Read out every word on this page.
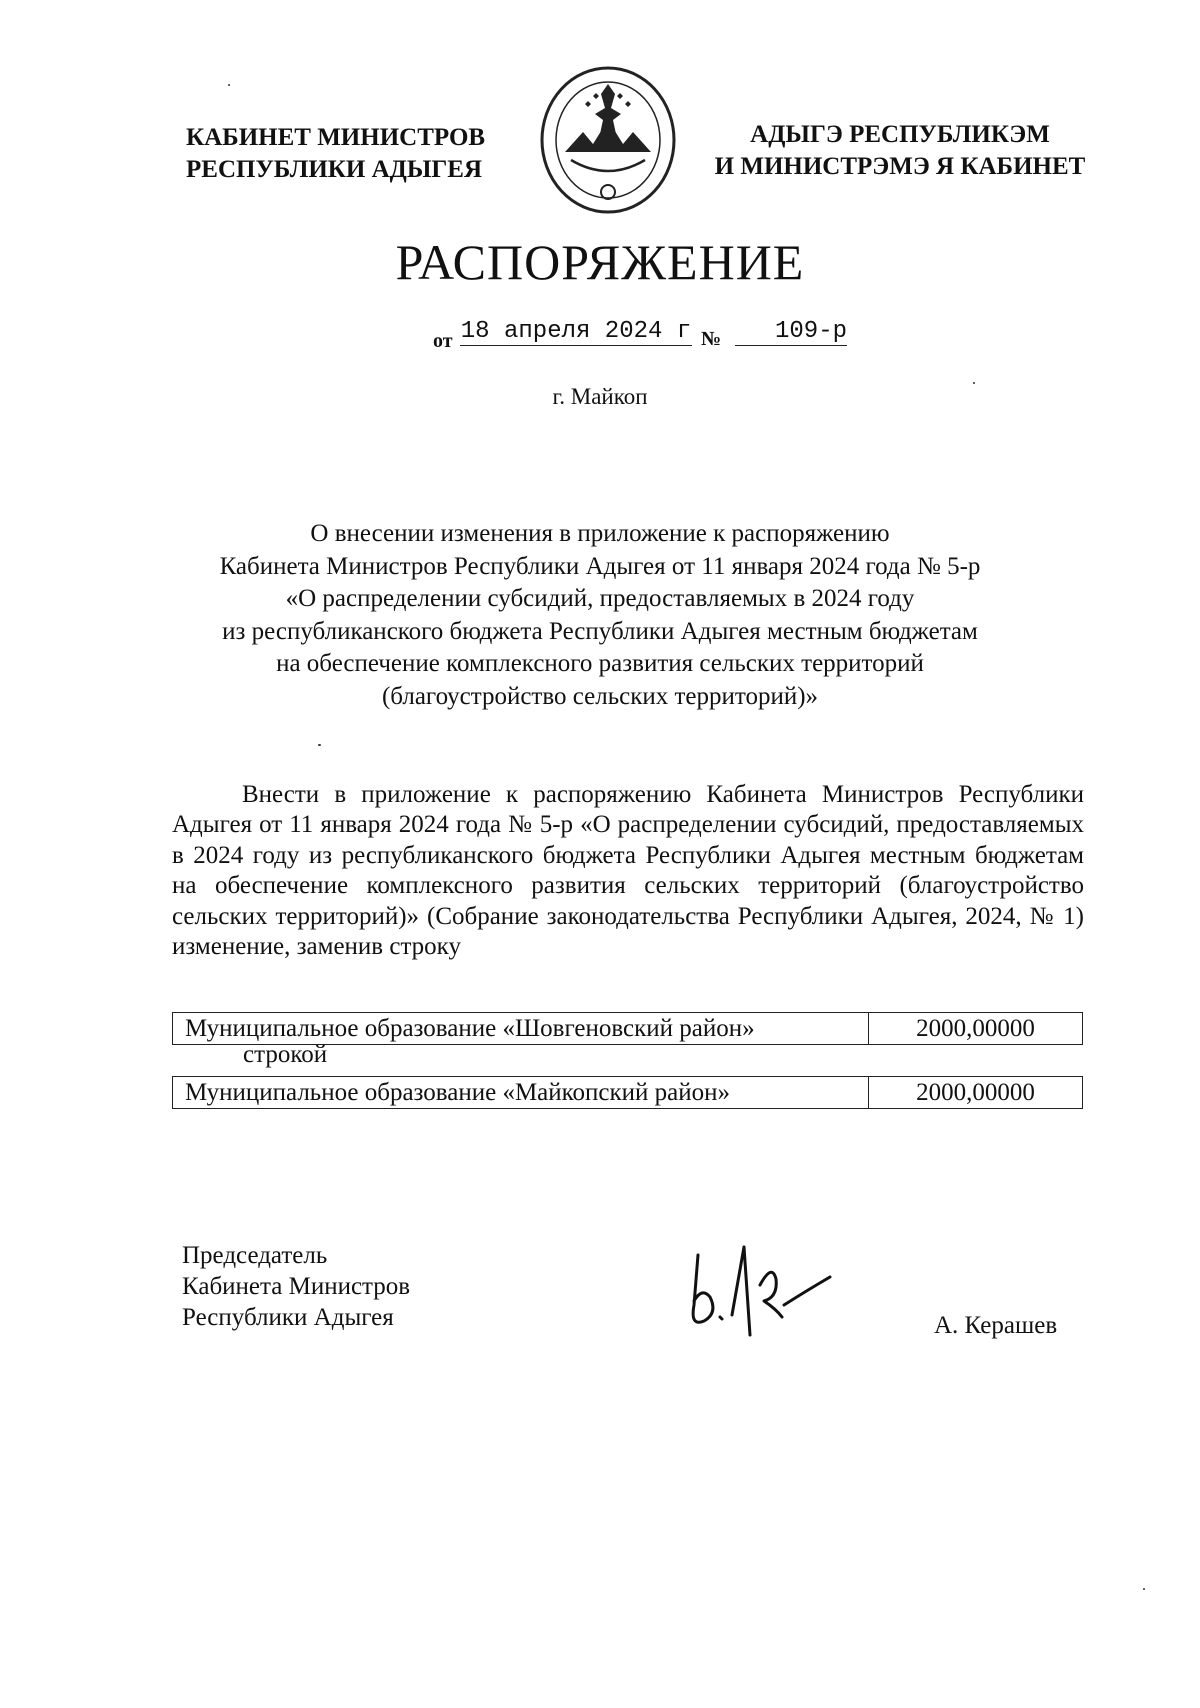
КАБИНЕТ МИНИСТРОВ
РЕСПУБЛИКИ АДЫГЕЯ
АДЫГЭ РЕСПУБЛИКЭМ
И МИНИСТРЭМЭ Я КАБИНЕТ
РАСПОРЯЖЕНИЕ
от 18 апреля 2024 г №	109-р
г. Майкоп
О внесении изменения в приложение к распоряжению
Кабинета Министров Республики Адыгея от 11 января 2024 года № 5-р
«О распределении субсидий, предоставляемых в 2024 году
из республиканского бюджета Республики Адыгея местным бюджетам
на обеспечение комплексного развития сельских территорий
(благоустройство сельских территорий)»

Внести в приложение к распоряжению Кабинета Министров Республики Адыгея от 11 января 2024 года № 5-р «О распределении субсидий, предоставляемых в 2024 году из республиканского бюджета Республики Адыгея местным бюджетам на обеспечение комплексного развития сельских территорий (благоустройство сельских территорий)» (Собрание законодательства Республики Адыгея, 2024, № 1) изменение, заменив строку

Муниципальное образование «Шовгеновский район»	2000,00000
строкой
Муниципальное образование «Майкопский район»	2000,00000
Председатель
Кабинета Министров
Республики Адыгея	А. Керашев
